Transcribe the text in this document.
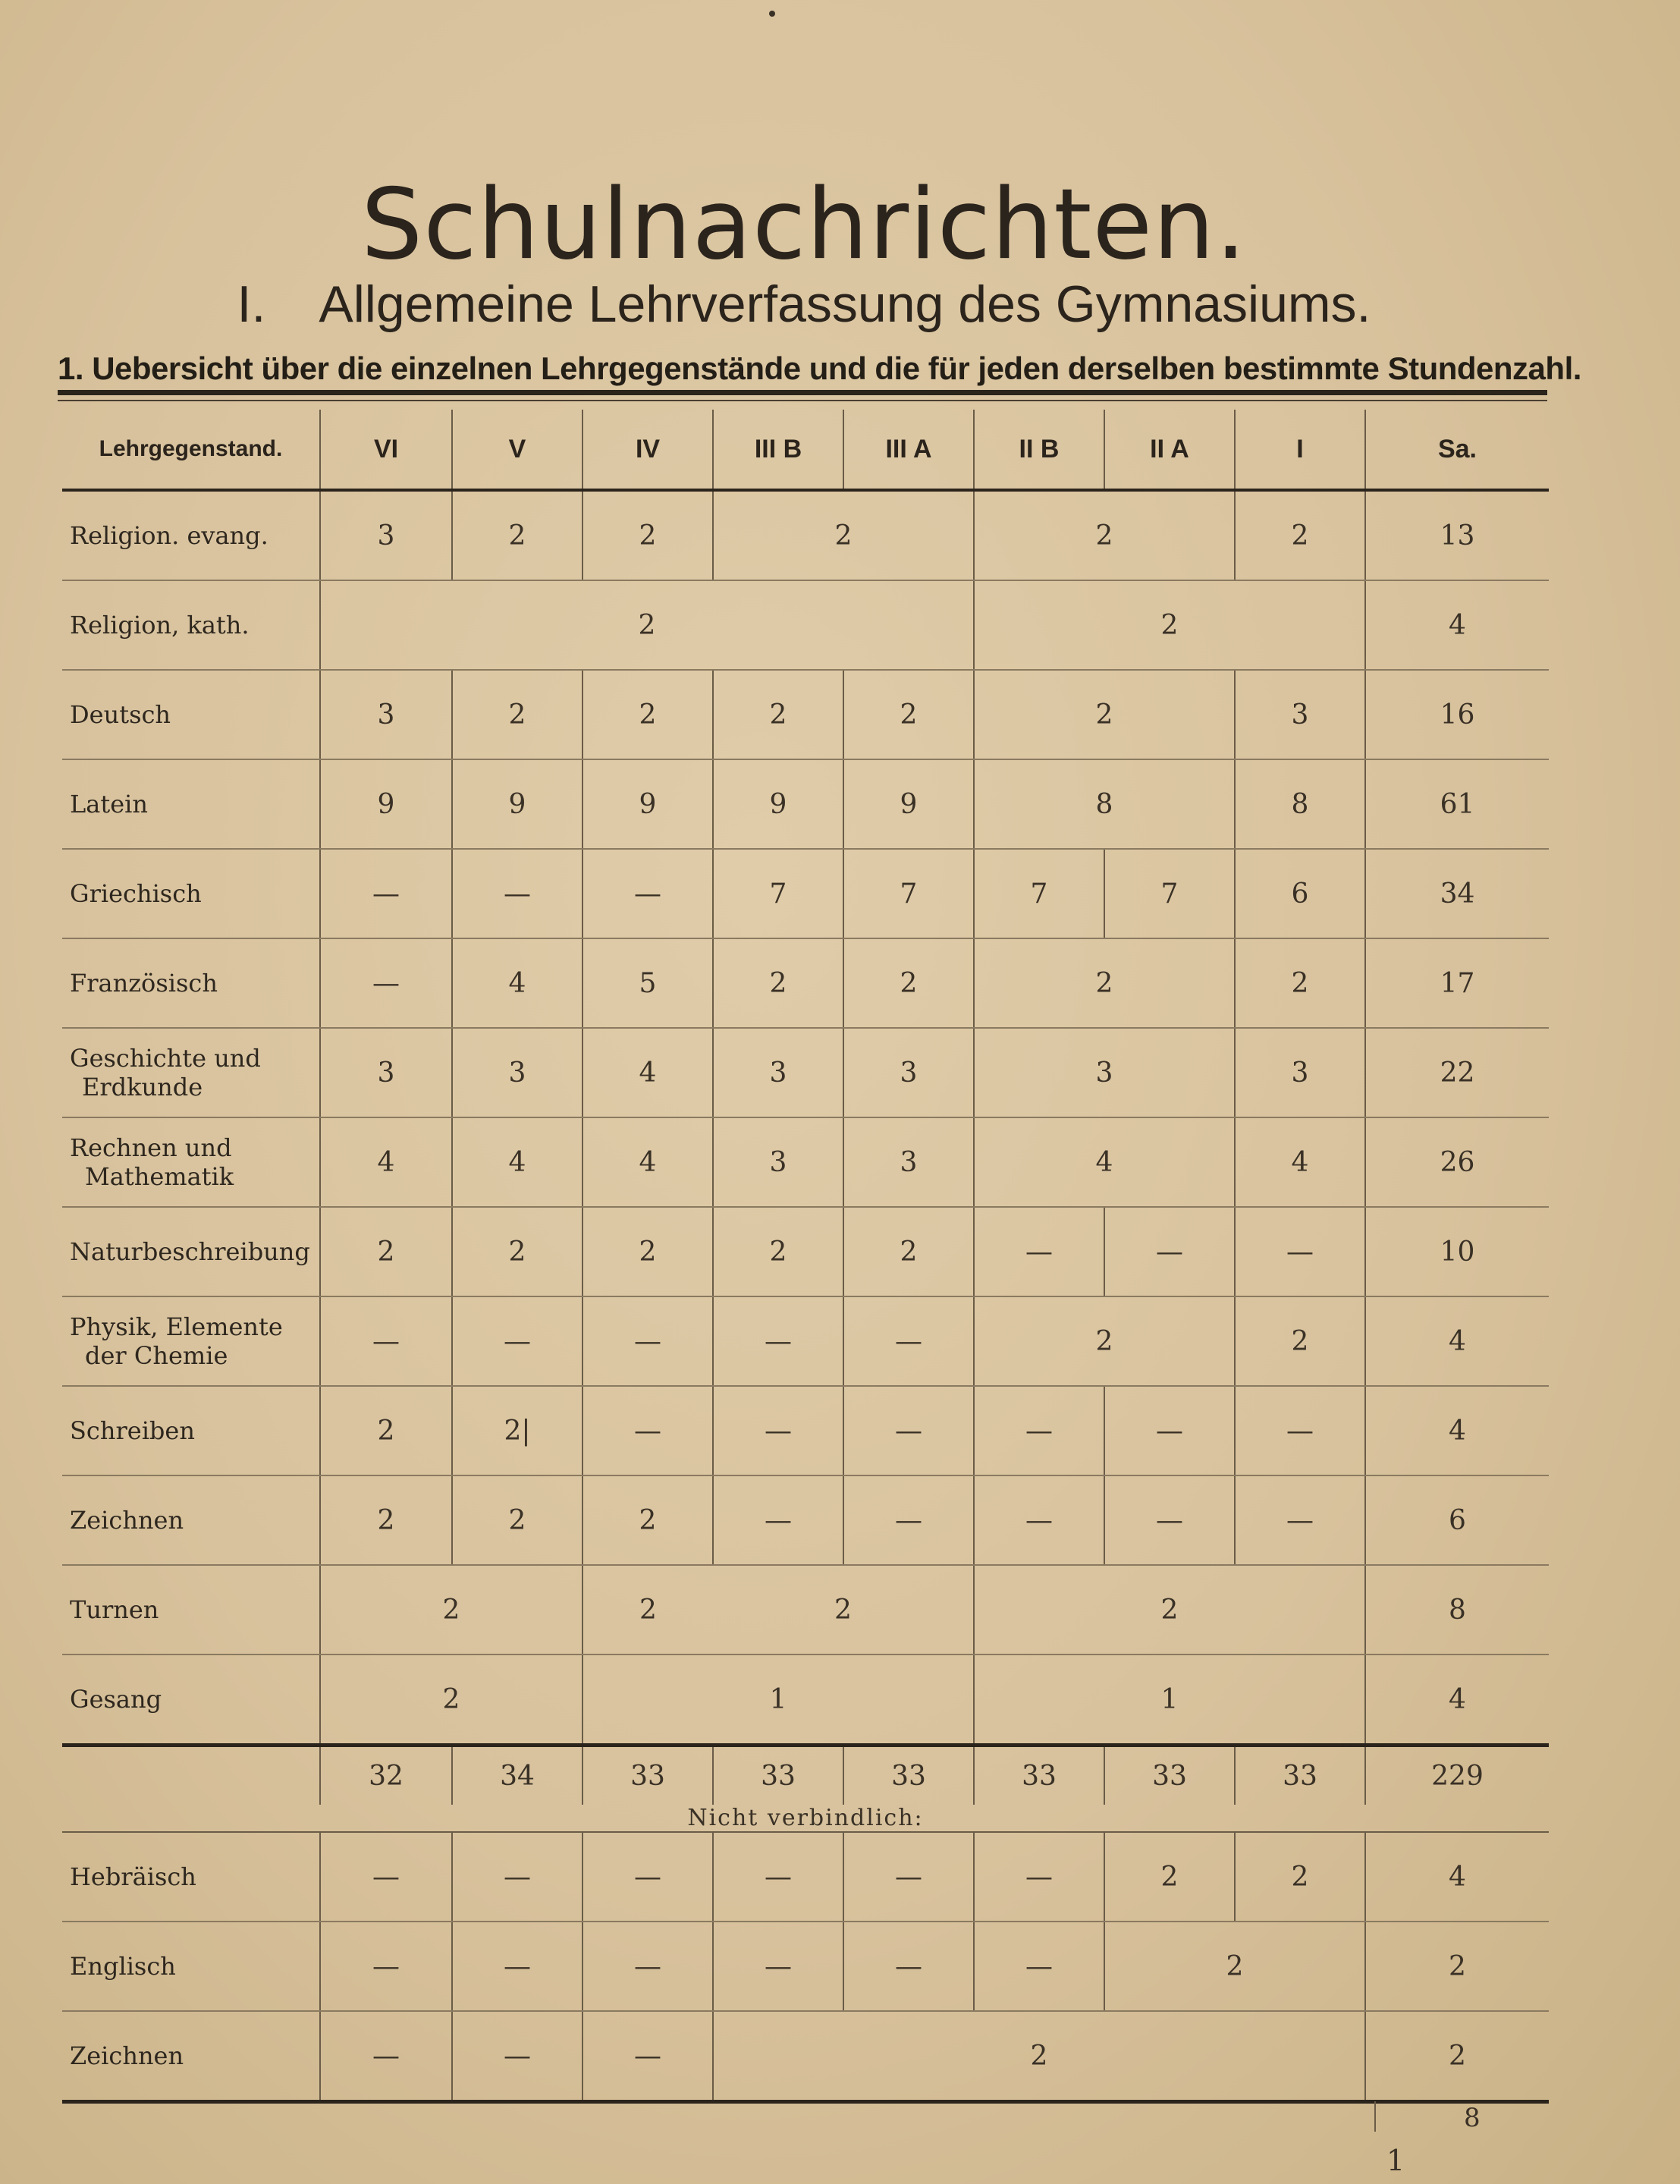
Schulnachrichten.
I. Allgemeine Lehrverfassung des Gymnasiums.
1. Uebersicht über die einzelnen Lehrgegenstände und die für jeden derselben bestimmte Stundenzahl.
Lehrgegenstand.	VI	V	IV	III B	III A	II B	II A	I	Sa.
Religion. evang.	3	2	2	2		2		2	13
Religion, kath.	2					2			4
Deutsch	3	2	2	2	2	2		3	16
Latein	9	9	9	9	9	8		8	61
Griechisch	—	—	—	7	7	7	7	6	34
Französisch	—	4	5	2	2	2		2	17
Geschichte und
Erdkunde	3	3	4	3	3	3		3	22
Rechnen und
Mathematik	4	4	4	3	3	4		4	26
Naturbeschreibung	2	2	2	2	2	—	—	—	10
Physik, Elemente
der Chemie	—	—	—	—	—	2		2	4
Schreiben	2	2|	—	—	—	—	—	—	4
Zeichnen	2	2	2	—	—	—	—	—	6
Turnen	2		2	2		2			8
Gesang	2		1			1			4
	32	34	33	33	33	33	33	33	229
Nicht verbindlich:									
Hebräisch	—	—	—	—	—	—	2	2	4
Englisch	—	—	—	—	—	—	2		2
Zeichnen	—	—	—	2					2
8
1
